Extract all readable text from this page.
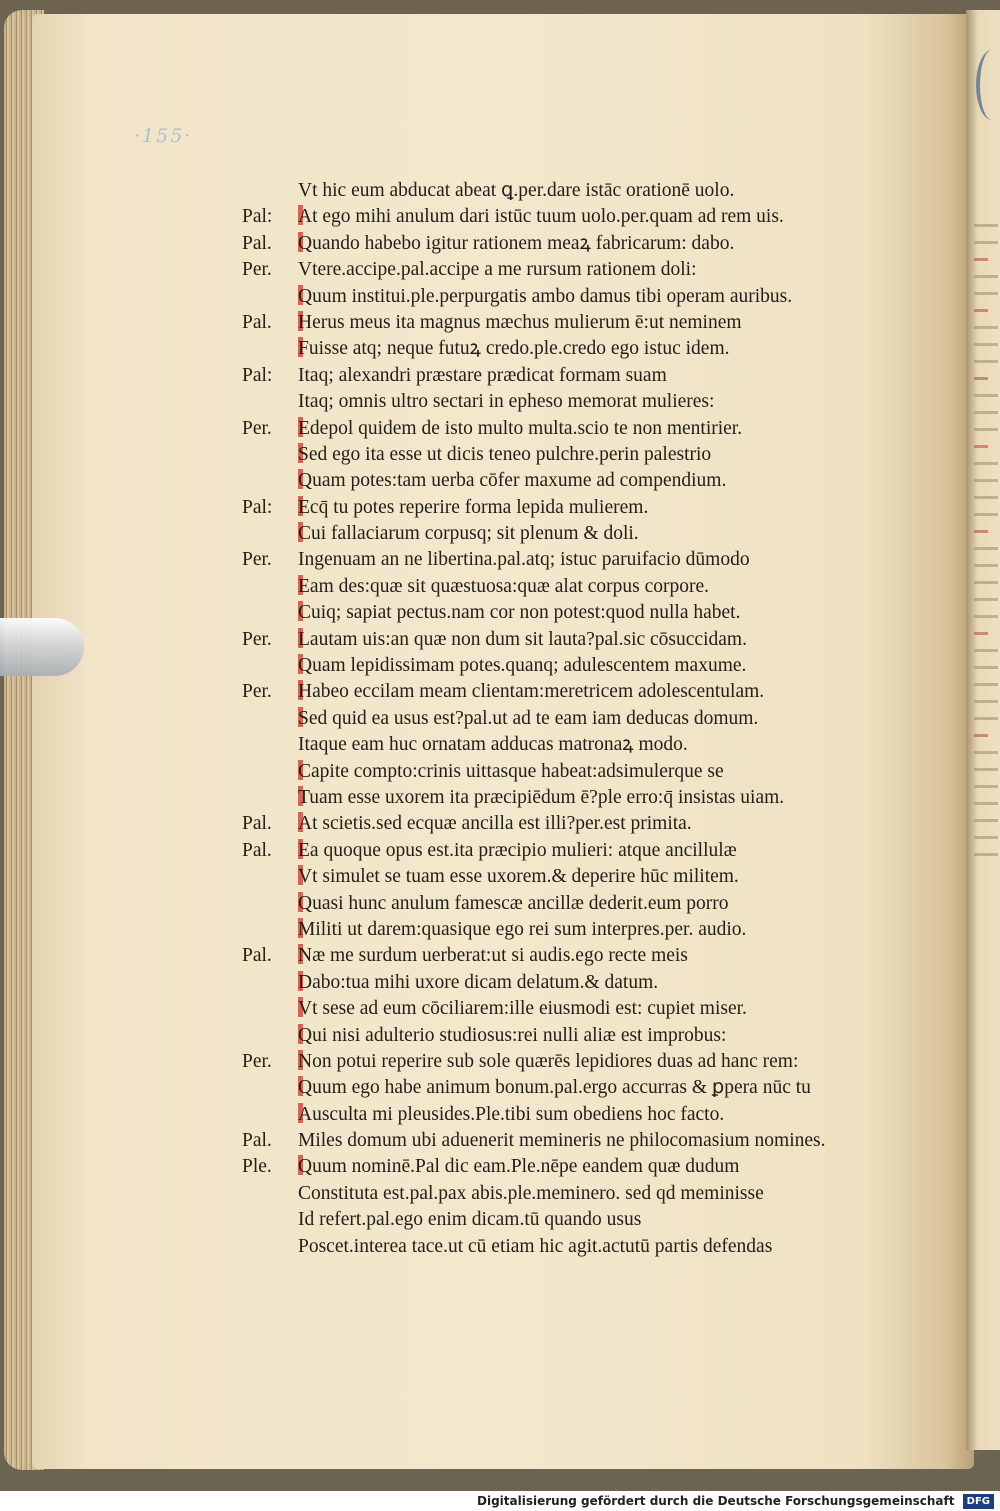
·155·
Vt hic eum abducat abeat ꝗ.per.dare istāc orationē uolo.
Pal:	At ego mihi anulum dari istūc tuum uolo.per.quam ad rem uis.
Pal.	Quando habebo igitur rationem meaꝝ fabricarum: dabo.
Per.	Vtere.accipe.pal.accipe a me rursum rationem doli:
Quum institui.ple.perpurgatis ambo damus tibi operam auribus.
Pal.	Herus meus ita magnus mæchus mulierum ē:ut neminem
Fuisse atq; neque futuꝝ credo.ple.credo ego istuc idem.
Pal:	Itaq; alexandri præstare prædicat formam suam
Itaq; omnis ultro sectari in epheso memorat mulieres:
Per.	Edepol quidem de isto multo multa.scio te non mentirier.
Sed ego ita esse ut dicis teneo pulchre.perin palestrio
Quam potes:tam uerba cōfer maxume ad compendium.
Pal:	Ecq̄ tu potes reperire forma lepida mulierem.
Cui fallaciarum corpusq; sit plenum & doli.
Per.	Ingenuam an ne libertina.pal.atq; istuc paruifacio dūmodo
Eam des:quæ sit quæstuosa:quæ alat corpus corpore.
Cuiq; sapiat pectus.nam cor non potest:quod nulla habet.
Per.	Lautam uis:an quæ non dum sit lauta?pal.sic cōsuccidam.
Quam lepidissimam potes.quanq; adulescentem maxume.
Per.	Habeo eccilam meam clientam:meretricem adolescentulam.
Sed quid ea usus est?pal.ut ad te eam iam deducas domum.
Itaque eam huc ornatam adducas matronaꝝ modo.
Capite compto:crinis uittasque habeat:adsimulerque se
Tuam esse uxorem ita præcipiēdum ē?ple erro:q̄ insistas uiam.
Pal.	At scietis.sed ecquæ ancilla est illi?per.est primita.
Pal.	Ea quoque opus est.ita præcipio mulieri: atque ancillulæ
Vt simulet se tuam esse uxorem.& deperire hūc militem.
Quasi hunc anulum famescæ ancillæ dederit.eum porro
Militi ut darem:quasique ego rei sum interpres.per. audio.
Pal.	Næ me surdum uerberat:ut si audis.ego recte meis
Dabo:tua mihi uxore dicam delatum.& datum.
Vt sese ad eum cōciliarem:ille eiusmodi est: cupiet miser.
Qui nisi adulterio studiosus:rei nulli aliæ est improbus:
Per.	Non potui reperire sub sole quærēs lepidiores duas ad hanc rem:
Quum ego habe animum bonum.pal.ergo accurras & ꝑpera nūc tu
Ausculta mi pleusides.Ple.tibi sum obediens hoc facto.
Pal.	Miles domum ubi aduenerit memineris ne philocomasium nomines.
Ple.	Quum nominē.Pal dic eam.Ple.nēpe eandem quæ dudum
Constituta est.pal.pax abis.ple.meminero. sed qd meminisse
Id refert.pal.ego enim dicam.tū quando usus
Poscet.interea tace.ut cū etiam hic agit.actutū partis defendas
Digitalisierung gefördert durch die Deutsche Forschungsgemeinschaft DFG
